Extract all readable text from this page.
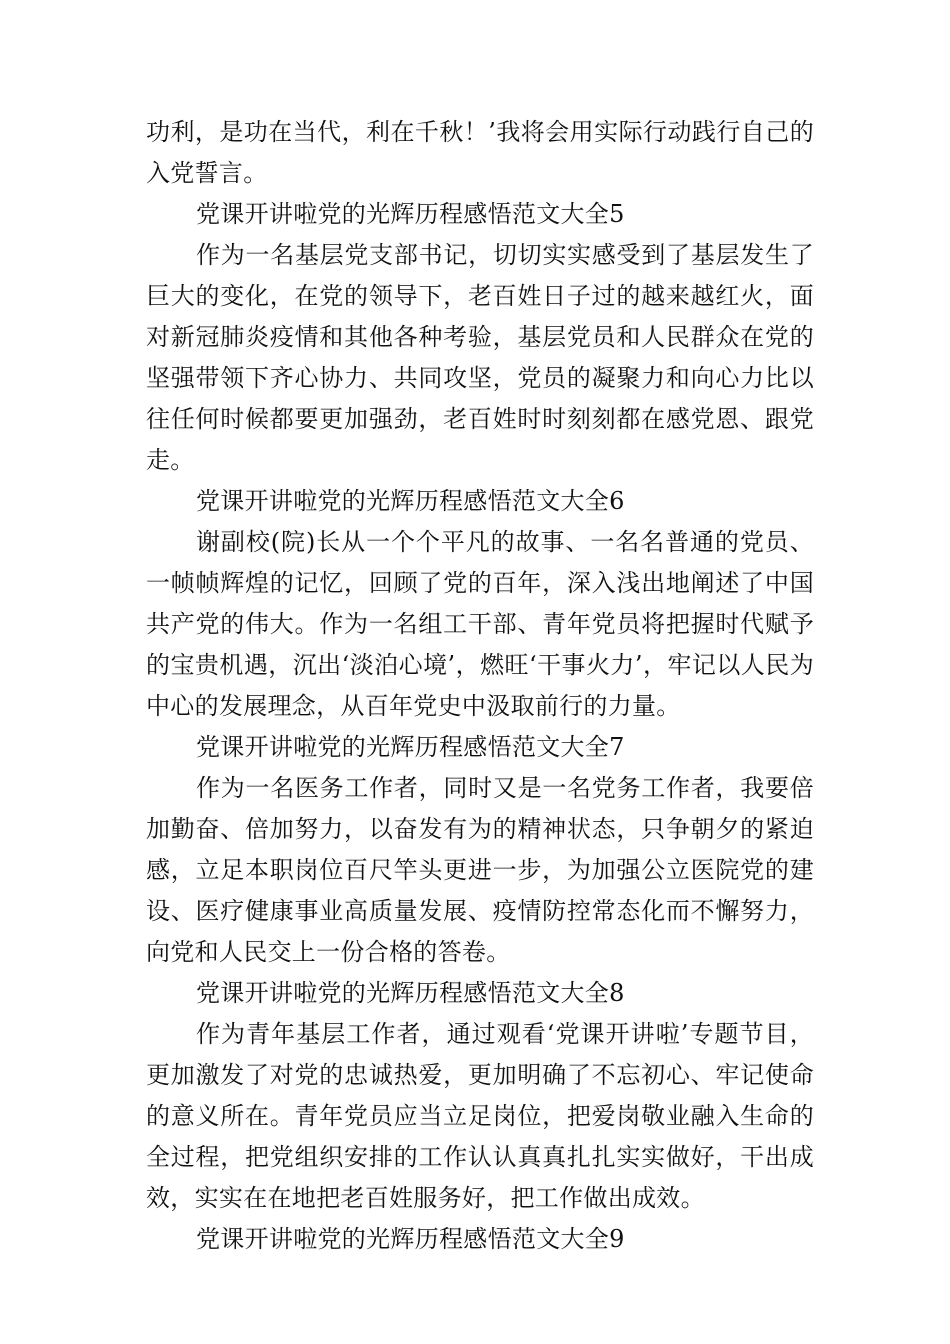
功利，是功在当代，利在千秋！’我将会用实际行动践行自己的入党誓言。

党课开讲啦党的光辉历程感悟范文大全5

作为一名基层党支部书记，切切实实感受到了基层发生了巨大的变化，在党的领导下，老百姓日子过的越来越红火，面对新冠肺炎疫情和其他各种考验，基层党员和人民群众在党的坚强带领下齐心协力、共同攻坚，党员的凝聚力和向心力比以往任何时候都要更加强劲，老百姓时时刻刻都在感党恩、跟党走。

党课开讲啦党的光辉历程感悟范文大全6

谢副校(院)长从一个个平凡的故事、一名名普通的党员、一帧帧辉煌的记忆，回顾了党的百年，深入浅出地阐述了中国共产党的伟大。作为一名组工干部、青年党员将把握时代赋予的宝贵机遇，沉出‘淡泊心境’，燃旺‘干事火力’，牢记以人民为中心的发展理念，从百年党史中汲取前行的力量。

党课开讲啦党的光辉历程感悟范文大全7

作为一名医务工作者，同时又是一名党务工作者，我要倍加勤奋、倍加努力，以奋发有为的精神状态，只争朝夕的紧迫感，立足本职岗位百尺竿头更进一步，为加强公立医院党的建设、医疗健康事业高质量发展、疫情防控常态化而不懈努力，向党和人民交上一份合格的答卷。

党课开讲啦党的光辉历程感悟范文大全8

作为青年基层工作者，通过观看‘党课开讲啦’专题节目，更加激发了对党的忠诚热爱，更加明确了不忘初心、牢记使命的意义所在。青年党员应当立足岗位，把爱岗敬业融入生命的全过程，把党组织安排的工作认认真真扎扎实实做好，干出成效，实实在在地把老百姓服务好，把工作做出成效。

党课开讲啦党的光辉历程感悟范文大全9
